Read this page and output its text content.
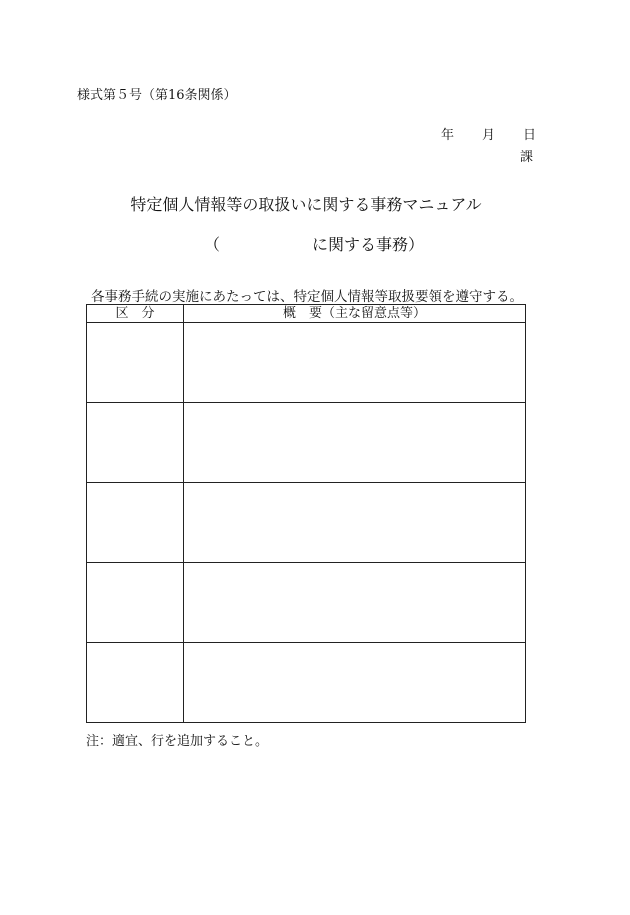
様式第５号（第16条関係）
年 月 日
課
特定個人情報等の取扱いに関する事務マニュアル
（	に関する事務）
各事務手続の実施にあたっては、特定個人情報等取扱要領を遵守する。
区　分	概　要（主な留意点等）

注：適宜、行を追加すること。
